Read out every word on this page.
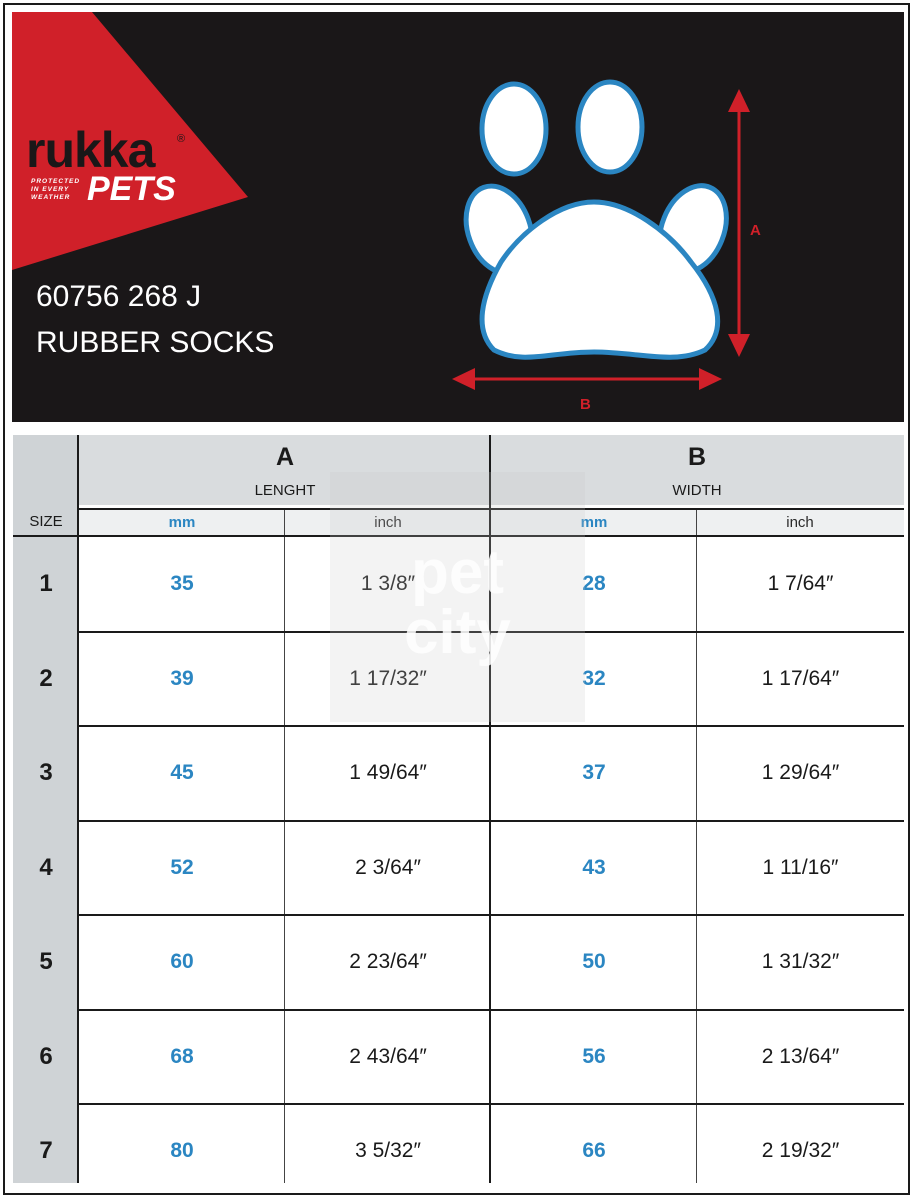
rukka ®
PROTECTED
IN EVERY
WEATHER PETS
60756 268 J
RUBBER SOCKS
A
B
A
LENGHT
B
WIDTH
SIZE	mm	inch	mm	inch
1	35	1 3/8″	28	1 7/64″
2	39	1 17/32″	32	1 17/64″
3	45	1 49/64″	37	1 29/64″
4	52	2 3/64″	43	1 11/16″
5	60	2 23/64″	50	1 31/32″
6	68	2 43/64″	56	2 13/64″
7	80	3 5/32″	66	2 19/32″
pet
city
